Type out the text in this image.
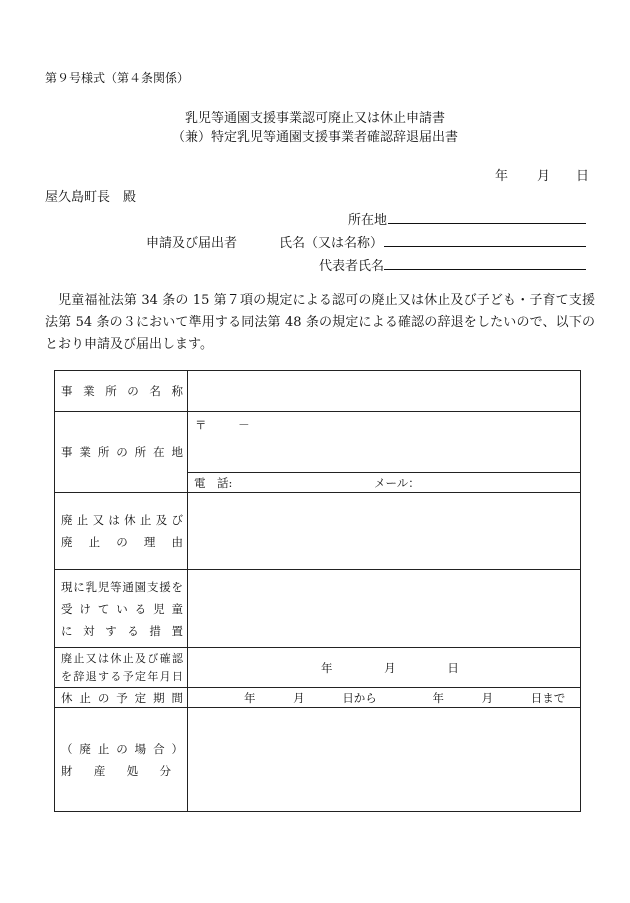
第９号様式（第４条関係）
乳児等通園支援事業認可廃止又は休止申請書
（兼）特定乳児等通園支援事業者確認辞退届出書
年 月 日
屋久島町長　殿
所在地
申請及び届出者	氏名（又は名称）
代表者氏名
児童福祉法第 34 条の 15 第７項の規定による認可の廃止又は休止及び子ども・子育て支援法第 54 条の３において準用する同法第 48 条の規定による確認の辞退をしたいので、以下のとおり申請及び届出します。
事業所の名称	

事業所の所在地	〒 －
	電　話: メール：

廃止又は休止及び
廃止の理由	

現に乳児等通園支援を
受けている児童
に対する措置	

廃止又は休止及び確認
を辞退する予定年月日	年 月 日

休止の予定期間	年 月 日から 年 月 日まで

（廃止の場合）
財産処分	
